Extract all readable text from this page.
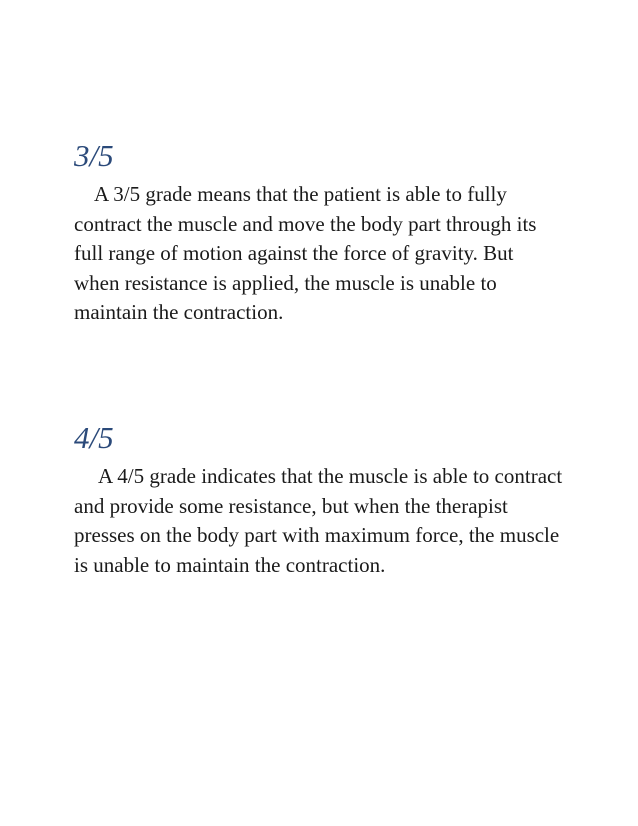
3/5

A 3/5 grade means that the patient is able to fully contract the muscle and move the body part through its full range of motion against the force of gravity. But when resistance is applied, the muscle is unable to maintain the contraction.

4/5

A 4/5 grade indicates that the muscle is able to contract and provide some resistance, but when the therapist presses on the body part with maximum force, the muscle is unable to maintain the contraction.
